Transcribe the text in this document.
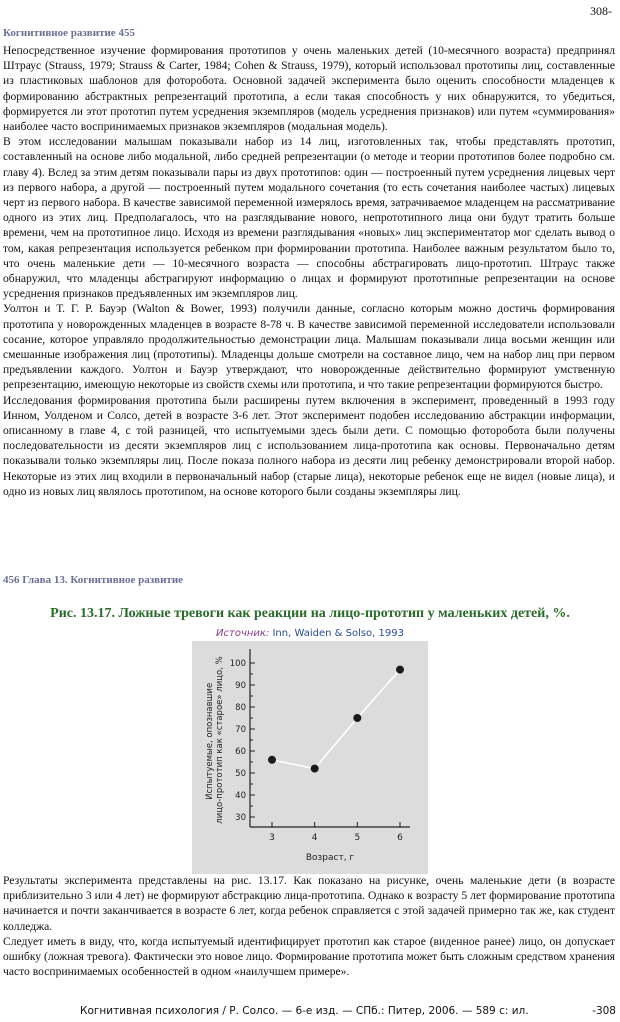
308-
Когнитивное развитие 455

Непосредственное изучение формирования прототипов у очень маленьких детей (10-месячного возраста) предпринял Штраус (Strauss, 1979; Strauss & Carter, 1984; Cohen & Strauss, 1979), который использовал прототипы лиц, составленные из пластиковых шаблонов для фоторобота. Основной задачей эксперимента было оценить способности младенцев к формированию абстрактных репрезентаций прототипа, а если такая способность у них обнаружится, то убедиться, формируется ли этот прототип путем усреднения экземпляров (модель усреднения признаков) или путем «суммирования» наиболее часто воспринимаемых признаков экземпляров (модальная модель).

В этом исследовании малышам показывали набор из 14 лиц, изготовленных так, чтобы представлять прототип, составленный на основе либо модальной, либо средней репрезентации (о методе и теории прототипов более подробно см. главу 4). Вслед за этим детям показывали пары из двух прототипов: один — построенный путем усреднения лицевых черт из первого набора, а другой — построенный путем модального сочетания (то есть сочетания наиболее частых) лицевых черт из первого набора. В качестве зависимой переменной измерялось время, затрачиваемое младенцем на рассматривание одного из этих лиц. Предполагалось, что на разглядывание нового, непрототипного лица они будут тратить больше времени, чем на прототипное лицо. Исходя из времени разглядывания «новых» лиц экспериментатор мог сделать вывод о том, какая репрезентация используется ребенком при формировании прототипа. Наиболее важным результатом было то, что очень маленькие дети — 10-месячного возраста — способны абстрагировать лицо-прототип. Штраус также обнаружил, что младенцы абстрагируют информацию о лицах и формируют прототипные репрезентации на основе усреднения признаков предъявленных им экземпляров лиц.

Уолтон и Т. Г. Р. Бауэр (Walton & Bower, 1993) получили данные, согласно которым можно достичь формирования прототипа у новорожденных младенцев в возрасте 8-78 ч. В качестве зависимой переменной исследователи использовали сосание, которое управляло продолжительностью демонстрации лица. Малышам показывали лица восьми женщин или смешанные изображения лиц (прототипы). Младенцы дольше смотрели на составное лицо, чем на набор лиц при первом предъявлении каждого. Уолтон и Бауэр утверждают, что новорожденные действительно формируют умственную репрезентацию, имеющую некоторые из свойств схемы или прототипа, и что такие репрезентации формируются быстро.

Исследования формирования прототипа были расширены путем включения в эксперимент, проведенный в 1993 году Инном, Уолденом и Солсо, детей в возрасте 3-6 лет. Этот эксперимент подобен исследованию абстракции информации, описанному в главе 4, с той разницей, что испытуемыми здесь были дети. С помощью фоторобота были получены последовательности из десяти экземпляров лиц с использованием лица-прототипа как основы. Первоначально детям показывали только экземпляры лиц. После показа полного набора из десяти лиц ребенку демонстрировали второй набор. Некоторые из этих лиц входили в первоначальный набор (старые лица), некоторые ребенок еще не видел (новые лица), и одно из новых лиц являлось прототипом, на основе которого были созданы экземпляры лиц.

456 Глава 13. Когнитивное развитие
Рис. 13.17. Ложные тревоги как реакции на лицо-прототип у маленьких детей, %.
Источник: Inn, Waiden & Solso, 1993
Испытуемые, опознавшие лицо-прототип как «старое» лицо, %
Возраст, г
30
40
50
60
70
80
90
100
3	4	5	6

Результаты эксперимента представлены на рис. 13.17. Как показано на рисунке, очень маленькие дети (в возрасте приблизительно 3 или 4 лет) не формируют абстракцию лица-прототипа. Однако к возрасту 5 лет формирование прототипа начинается и почти заканчивается в возрасте 6 лет, когда ребенок справляется с этой задачей примерно так же, как студент колледжа.

Следует иметь в виду, что, когда испытуемый идентифицирует прототип как старое (виденное ранее) лицо, он допускает ошибку (ложная тревога). Фактически это новое лицо. Формирование прототипа может быть сложным средством хранения часто воспринимаемых особенностей в одном «наилучшем примере».

Когнитивная психология / Р. Солсо. — 6-е изд. — СПб.: Питер, 2006. — 589 с: ил.	-308
